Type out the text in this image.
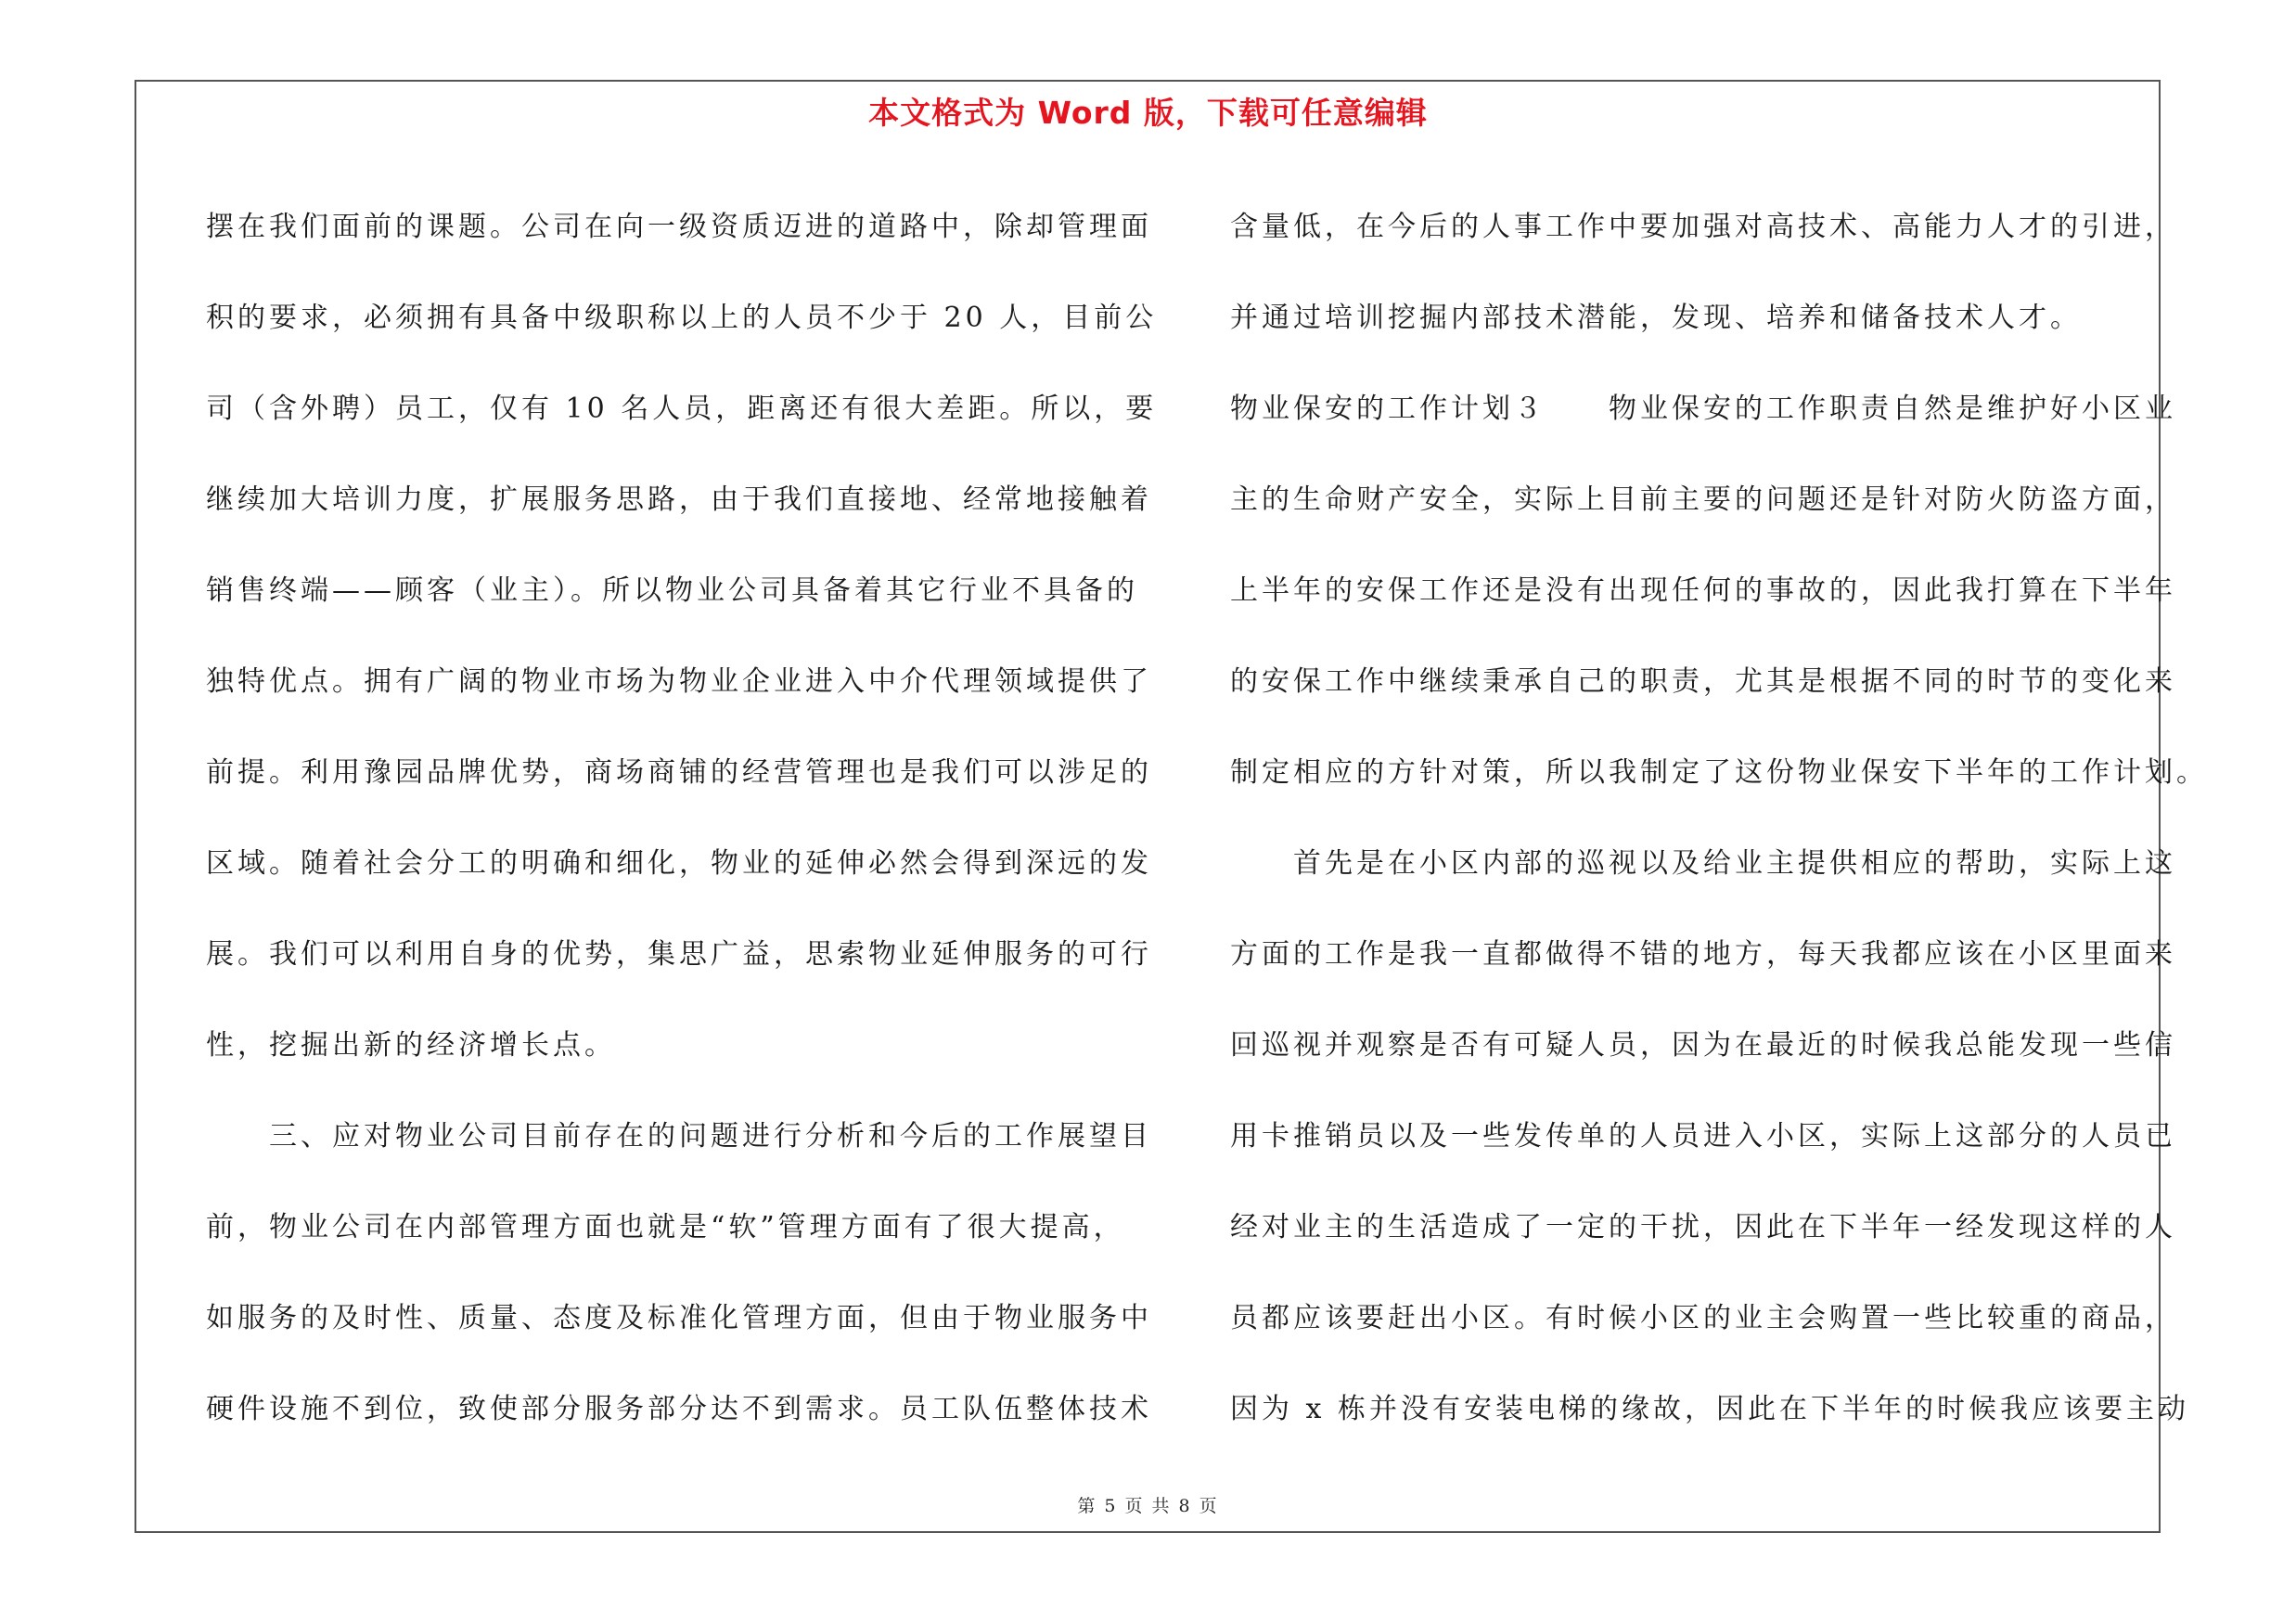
本文格式为 Word 版，下载可任意编辑
摆在我们面前的课题。公司在向一级资质迈进的道路中，除却管理面
积的要求，必须拥有具备中级职称以上的人员不少于 20 人，目前公
司（含外聘）员工，仅有 10 名人员，距离还有很大差距。所以，要
继续加大培训力度，扩展服务思路，由于我们直接地、经常地接触着
销售终端——顾客（业主）。所以物业公司具备着其它行业不具备的
独特优点。拥有广阔的物业市场为物业企业进入中介代理领域提供了
前提。利用豫园品牌优势，商场商铺的经营管理也是我们可以涉足的
区域。随着社会分工的明确和细化，物业的延伸必然会得到深远的发
展。我们可以利用自身的优势，集思广益，思索物业延伸服务的可行
性，挖掘出新的经济增长点。
　　三、应对物业公司目前存在的问题进行分析和今后的工作展望目
前，物业公司在内部管理方面也就是“软”管理方面有了很大提高，
如服务的及时性、质量、态度及标准化管理方面，但由于物业服务中
硬件设施不到位，致使部分服务部分达不到需求。员工队伍整体技术
含量低，在今后的人事工作中要加强对高技术、高能力人才的引进，
并通过培训挖掘内部技术潜能，发现、培养和储备技术人才。
物业保安的工作计划３　　物业保安的工作职责自然是维护好小区业
主的生命财产安全，实际上目前主要的问题还是针对防火防盗方面，
上半年的安保工作还是没有出现任何的事故的，因此我打算在下半年
的安保工作中继续秉承自己的职责，尤其是根据不同的时节的变化来
制定相应的方针对策，所以我制定了这份物业保安下半年的工作计划。
　　首先是在小区内部的巡视以及给业主提供相应的帮助，实际上这
方面的工作是我一直都做得不错的地方，每天我都应该在小区里面来
回巡视并观察是否有可疑人员，因为在最近的时候我总能发现一些信
用卡推销员以及一些发传单的人员进入小区，实际上这部分的人员已
经对业主的生活造成了一定的干扰，因此在下半年一经发现这样的人
员都应该要赶出小区。有时候小区的业主会购置一些比较重的商品，
因为 x 栋并没有安装电梯的缘故，因此在下半年的时候我应该要主动
第 5 页 共 8 页
